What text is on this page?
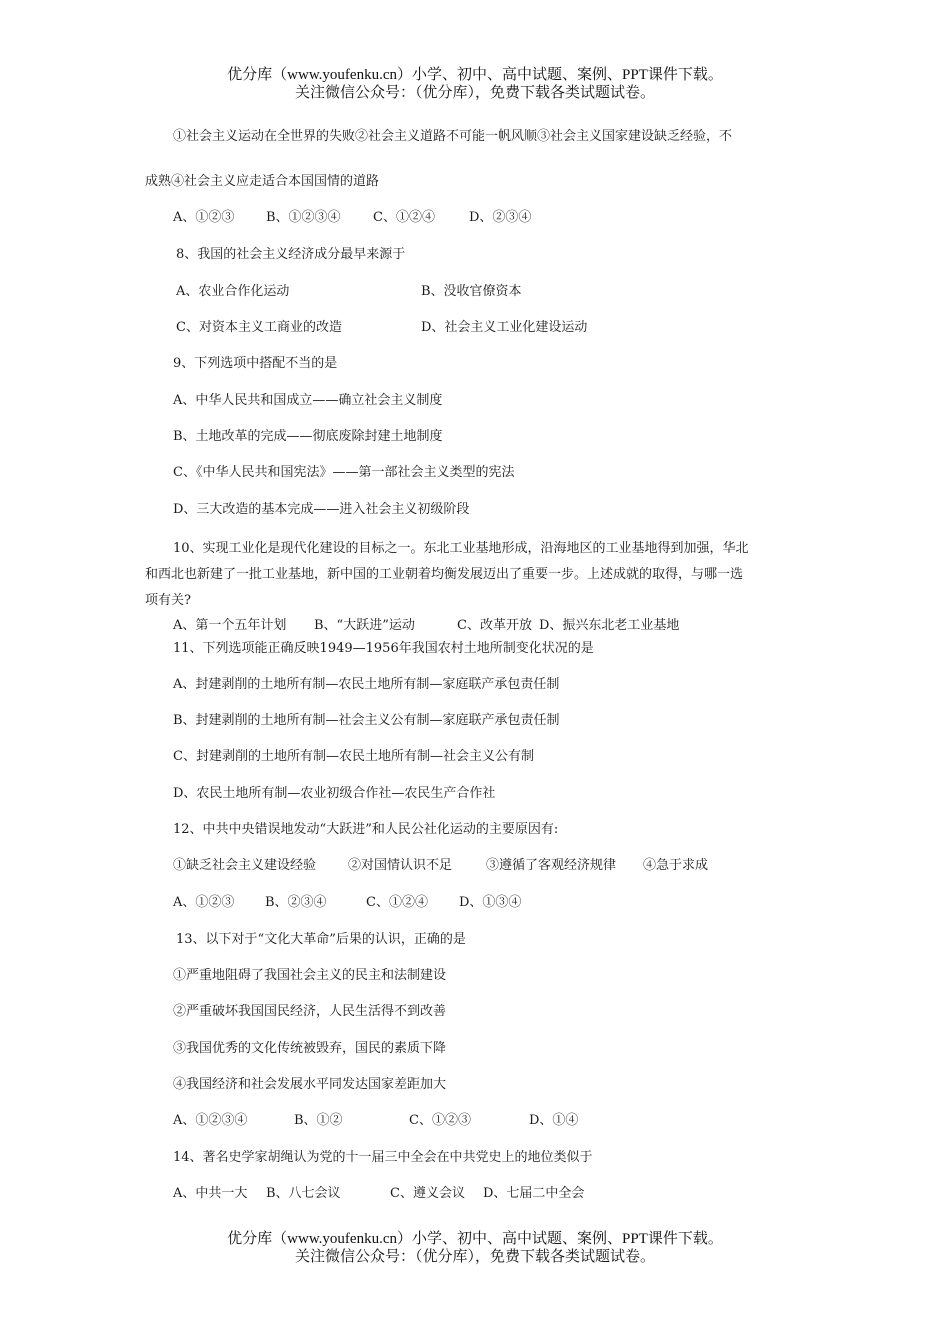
优分库（www.youfenku.cn）小学、初中、高中试题、案例、PPT课件下载。
关注微信公众号：（优分库），免费下载各类试题试卷。
①社会主义运动在全世界的失败②社会主义道路不可能一帆风顺③社会主义国家建设缺乏经验，不
成熟④社会主义应走适合本国国情的道路
A、①②③ B、①②③④ C、①②④	D、②③④
8、我国的社会主义经济成分最早来源于
A、农业合作化运动	B、没收官僚资本
C、对资本主义工商业的改造	D、社会主义工业化建设运动
9、下列选项中搭配不当的是
A、中华人民共和国成立——确立社会主义制度
B、土地改革的完成——彻底废除封建土地制度
C、《中华人民共和国宪法》——第一部社会主义类型的宪法
D、三大改造的基本完成——进入社会主义初级阶段
10、实现工业化是现代化建设的目标之一。东北工业基地形成，沿海地区的工业基地得到加强，华北
和西北也新建了一批工业基地，新中国的工业朝着均衡发展迈出了重要一步。上述成就的取得，与哪一选
项有关?
A、第一个五年计划 B、“大跃进”运动	C、改革开放 D、振兴东北老工业基地
11、下列选项能正确反映1949—1956年我国农村土地所制变化状况的是
A、封建剥削的土地所有制—农民土地所有制—家庭联产承包责任制
B、封建剥削的土地所有制—社会主义公有制—家庭联产承包责任制
C、封建剥削的土地所有制—农民土地所有制—社会主义公有制
D、农民土地所有制—农业初级合作社—农民生产合作社
12、中共中央错误地发动“大跃进”和人民公社化运动的主要原因有:
①缺乏社会主义建设经验 ②对国情认识不足	③遵循了客观经济规律 ④急于求成
A、①②③ B、②③④	C、①②④ D、①③④
13、以下对于“文化大革命”后果的认识，正确的是
①严重地阻碍了我国社会主义的民主和法制建设
②严重破坏我国国民经济，人民生活得不到改善
③我国优秀的文化传统被毁弃，国民的素质下降
④我国经济和社会发展水平同发达国家差距加大
A、①②③④	B、①②	C、①②③	D、①④
14、著名史学家胡绳认为党的十一届三中全会在中共党史上的地位类似于
A、中共一大 B、八七会议	C、遵义会议 D、七届二中全会
优分库（www.youfenku.cn）小学、初中、高中试题、案例、PPT课件下载。
关注微信公众号：（优分库），免费下载各类试题试卷。
